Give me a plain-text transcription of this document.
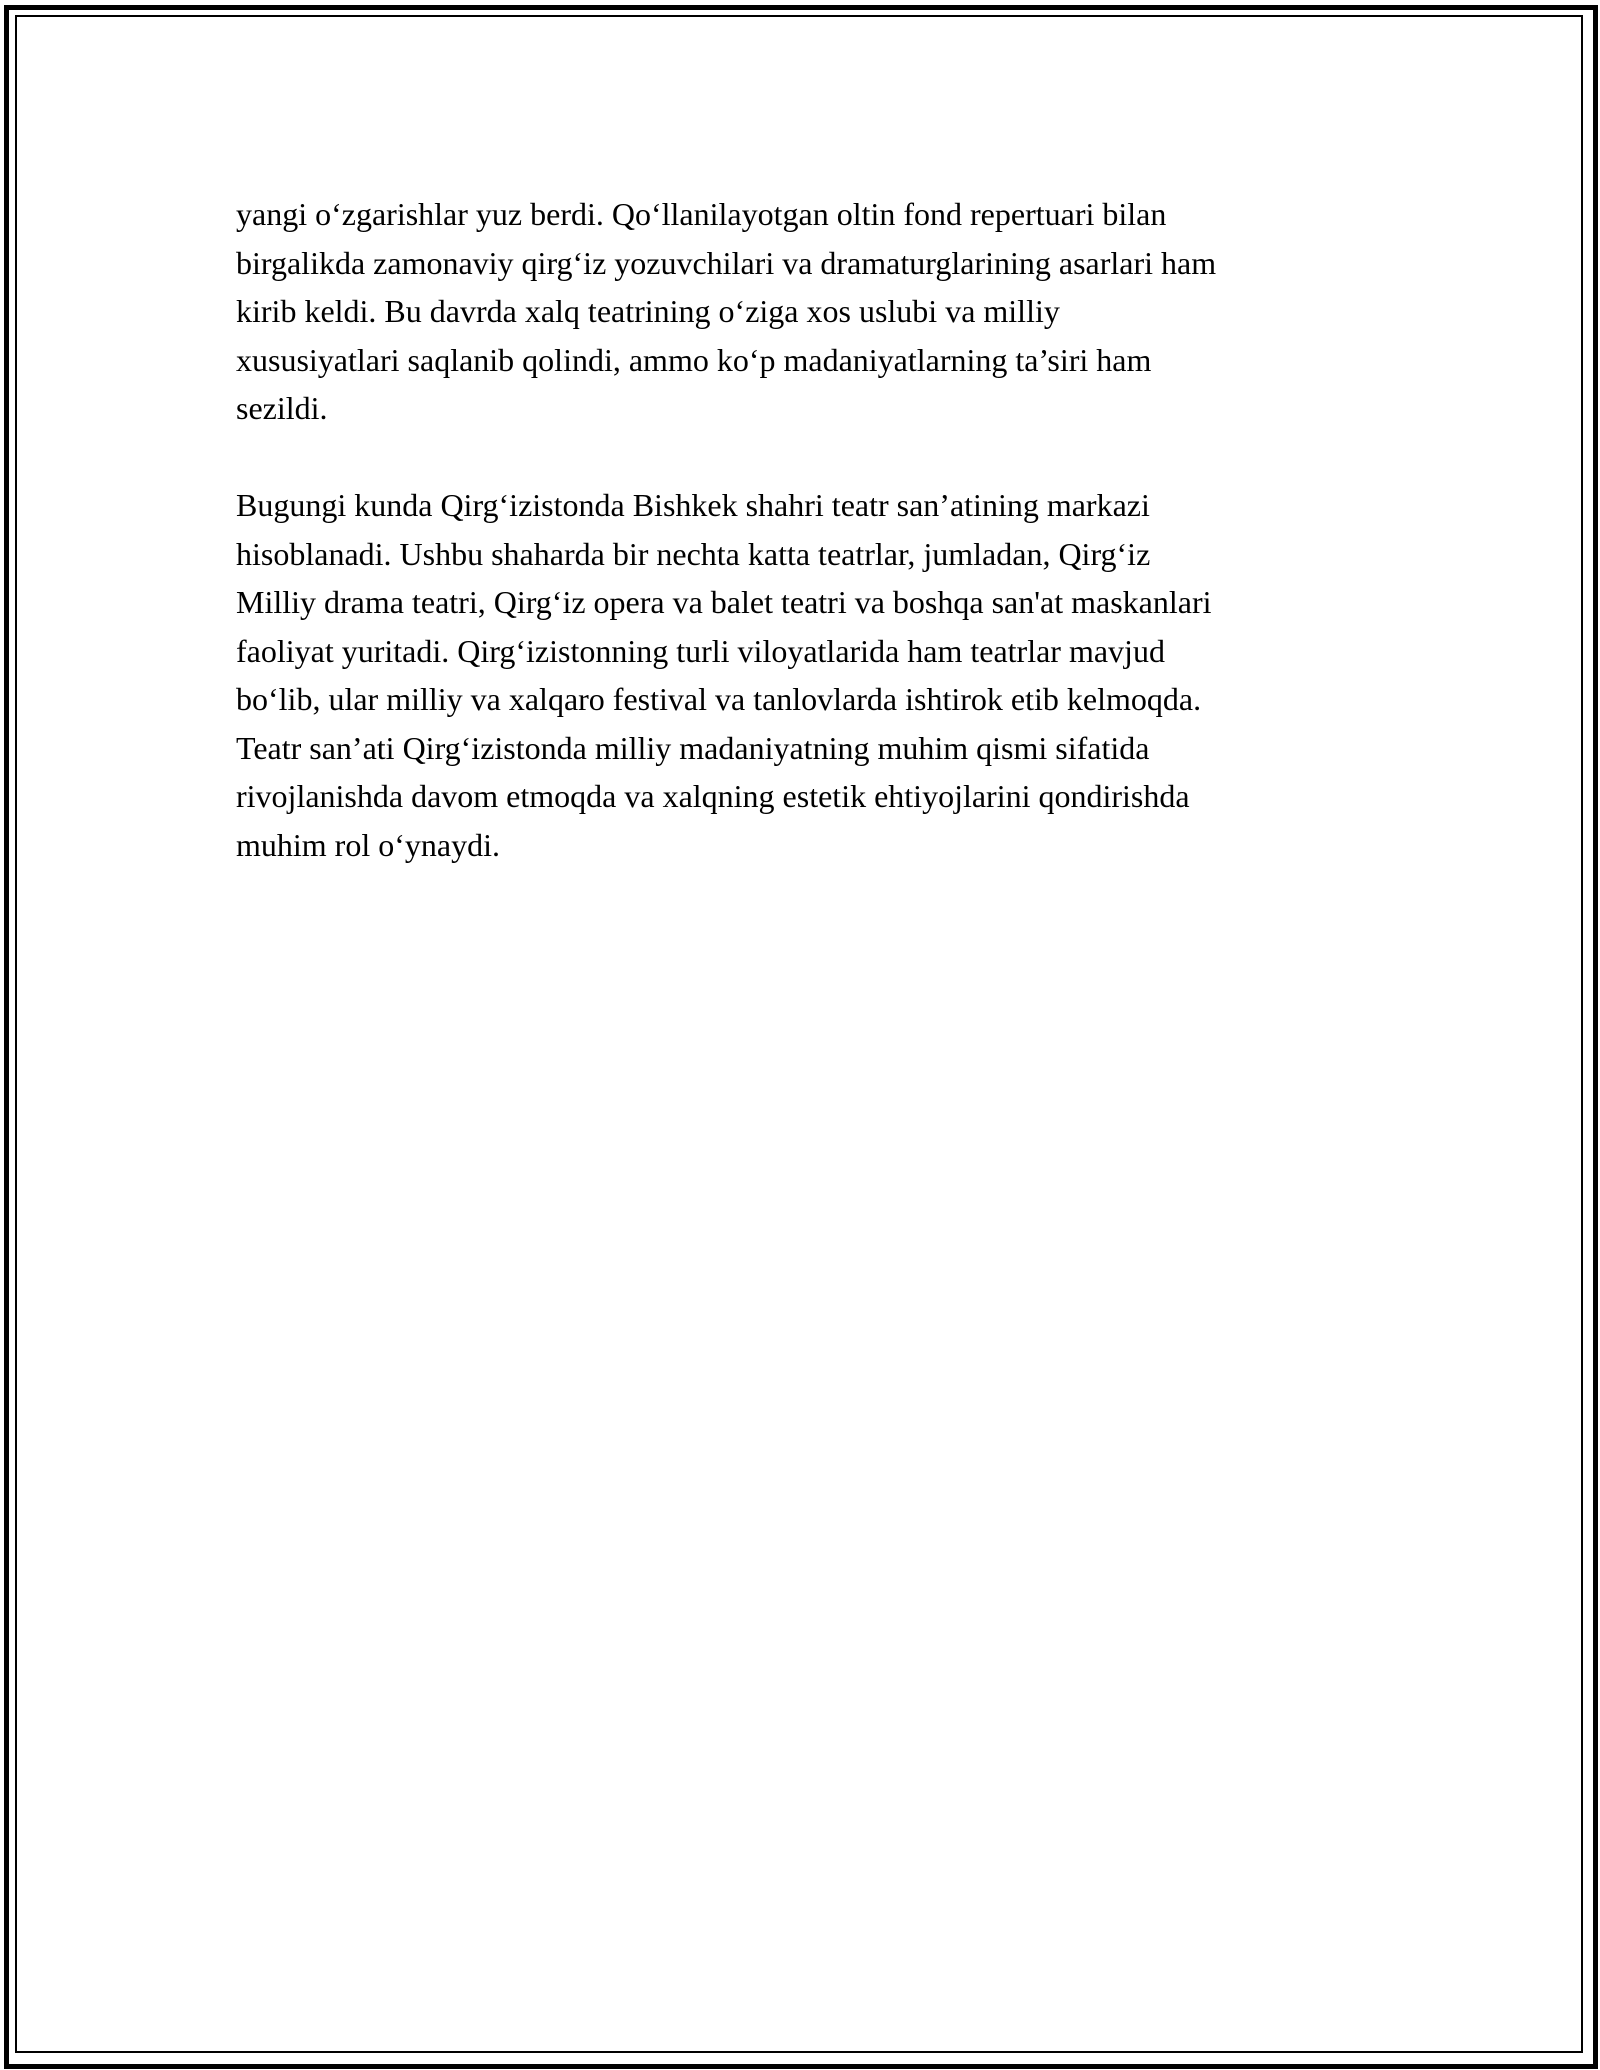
yangi o‘zgarishlar yuz berdi. Qo‘llanilayotgan oltin fond repertuari bilan
birgalikda zamonaviy qirg‘iz yozuvchilari va dramaturglarining asarlari ham
kirib keldi. Bu davrda xalq teatrining o‘ziga xos uslubi va milliy
xususiyatlari saqlanib qolindi, ammo ko‘p madaniyatlarning ta’siri ham
sezildi.

Bugungi kunda Qirg‘izistonda Bishkek shahri teatr san’atining markazi
hisoblanadi. Ushbu shaharda bir nechta katta teatrlar, jumladan, Qirg‘iz
Milliy drama teatri, Qirg‘iz opera va balet teatri va boshqa san'at maskanlari
faoliyat yuritadi. Qirg‘izistonning turli viloyatlarida ham teatrlar mavjud
bo‘lib, ular milliy va xalqaro festival va tanlovlarda ishtirok etib kelmoqda.
Teatr san’ati Qirg‘izistonda milliy madaniyatning muhim qismi sifatida
rivojlanishda davom etmoqda va xalqning estetik ehtiyojlarini qondirishda
muhim rol o‘ynaydi.
